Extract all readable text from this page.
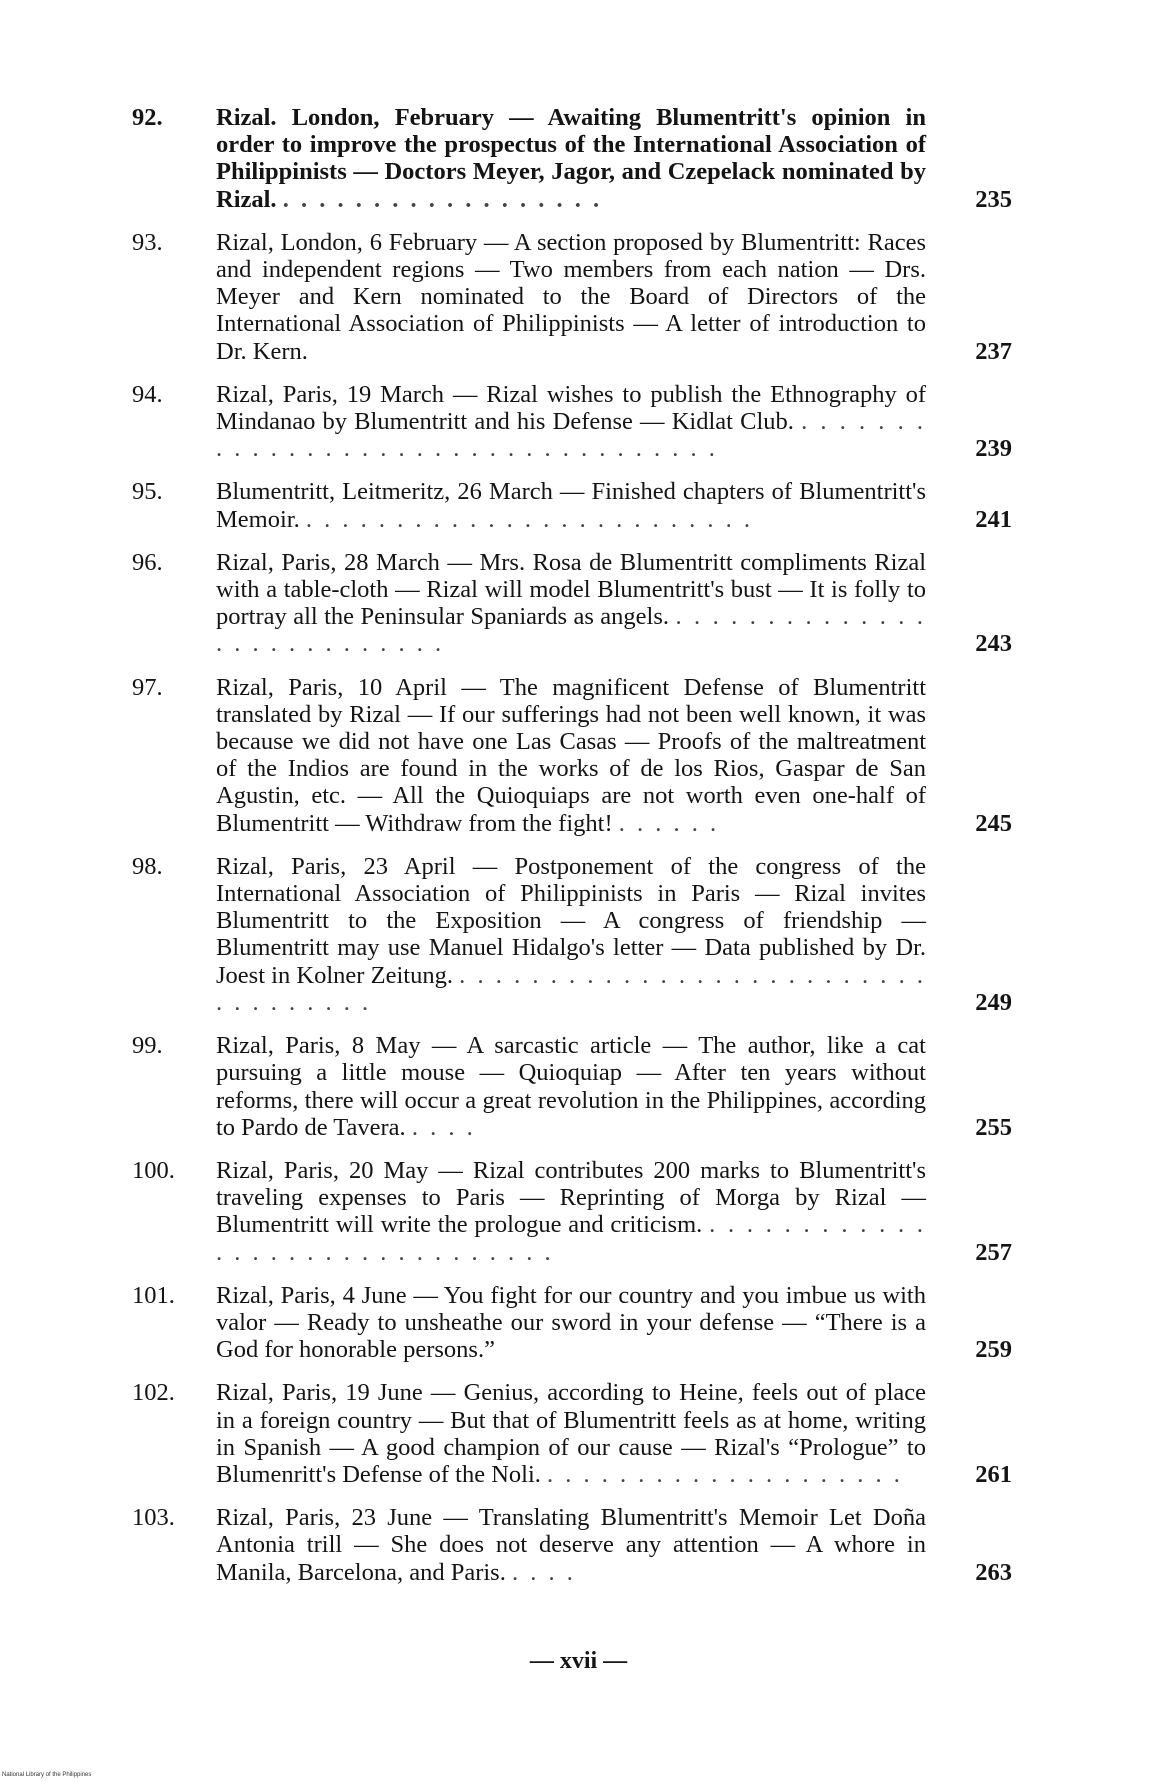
92.	Rizal. London, February — Awaiting Blumentritt's opinion in order to improve the prospectus of the International Association of Philippinists — Doctors Meyer, Jagor, and Czepelack nominated by Rizal. . . . . . . . . . . . . . . . . . .	235
93.	Rizal, London, 6 February — A section proposed by Blumentritt: Races and independent regions — Two members from each nation — Drs. Meyer and Kern nominated to the Board of Directors of the International Association of Philippinists — A letter of introduction to Dr. Kern.	237
94.	Rizal, Paris, 19 March — Rizal wishes to publish the Ethnography of Mindanao by Blumentritt and his Defense — Kidlat Club. . . . . . . . . . . . . . . . . . . . . . . . . . . . . . . . . . . .	239
95.	Blumentritt, Leitmeritz, 26 March — Finished chapters of Blumentritt's Memoir. . . . . . . . . . . . . . . . . . . . . . . . . .	241
96.	Rizal, Paris, 28 March — Mrs. Rosa de Blumentritt compliments Rizal with a table-cloth — Rizal will model Blumentritt's bust — It is folly to portray all the Peninsular Spaniards as angels. . . . . . . . . . . . . . . . . . . . . . . . . . . .	243
97.	Rizal, Paris, 10 April — The magnificent Defense of Blumentritt translated by Rizal — If our sufferings had not been well known, it was because we did not have one Las Casas — Proofs of the maltreatment of the Indios are found in the works of de los Rios, Gaspar de San Agustin, etc. — All the Quioquiaps are not worth even one-half of Blumentritt — Withdraw from the fight! . . . . . .	245
98.	Rizal, Paris, 23 April — Postponement of the congress of the International Association of Philippinists in Paris — Rizal invites Blumentritt to the Exposition — A congress of friendship — Blumentritt may use Manuel Hidalgo's letter — Data published by Dr. Joest in Kolner Zeitung. . . . . . . . . . . . . . . . . . . . . . . . . . . . . . . . . . . .	249
99.	Rizal, Paris, 8 May — A sarcastic article — The author, like a cat pursuing a little mouse — Quioquiap — After ten years without reforms, there will occur a great revolution in the Philippines, according to Pardo de Tavera. . . . .	255
100.	Rizal, Paris, 20 May — Rizal contributes 200 marks to Blumentritt's traveling expenses to Paris — Reprinting of Morga by Rizal — Blumentritt will write the prologue and criticism. . . . . . . . . . . . . . . . . . . . . . . . . . . . . . . .	257
101.	Rizal, Paris, 4 June — You fight for our country and you imbue us with valor — Ready to unsheathe our sword in your defense — “There is a God for honorable persons.”	259
102.	Rizal, Paris, 19 June — Genius, according to Heine, feels out of place in a foreign country — But that of Blumentritt feels as at home, writing in Spanish — A good champion of our cause — Rizal's “Prologue” to Blumenritt's Defense of the Noli. . . . . . . . . . . . . . . . . . . . .	261
103.	Rizal, Paris, 23 June — Translating Blumentritt's Memoir Let Doña Antonia trill — She does not deserve any attention — A whore in Manila, Barcelona, and Paris. . . . .	263
— xvii —
National Library of the Philippines
